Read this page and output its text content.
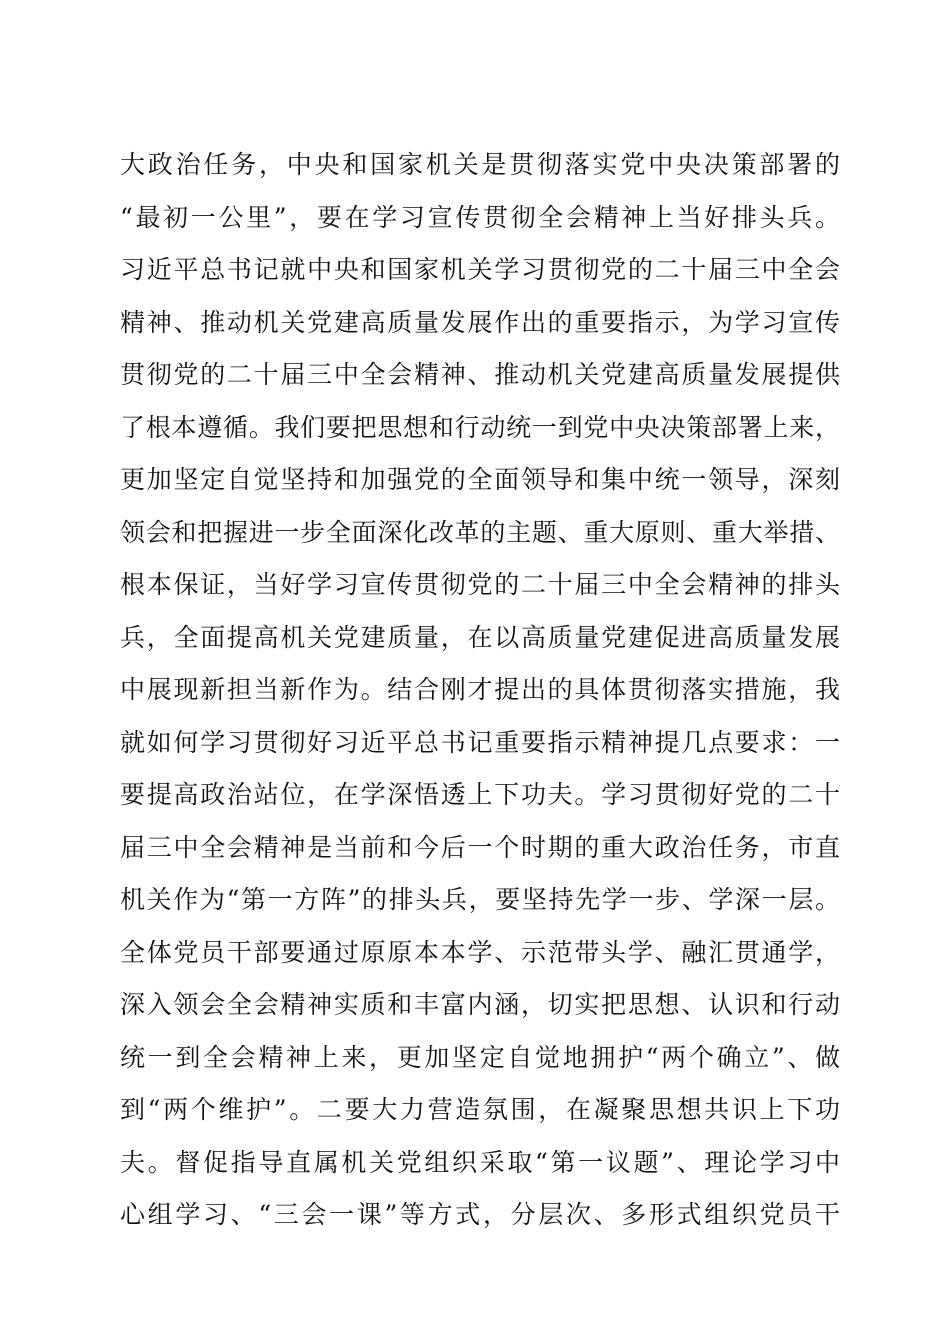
大政治任务，中央和国家机关是贯彻落实党中央决策部署的
“最初一公里”，要在学习宣传贯彻全会精神上当好排头兵。
习近平总书记就中央和国家机关学习贯彻党的二十届三中全会
精神、推动机关党建高质量发展作出的重要指示，为学习宣传
贯彻党的二十届三中全会精神、推动机关党建高质量发展提供
了根本遵循。我们要把思想和行动统一到党中央决策部署上来，
更加坚定自觉坚持和加强党的全面领导和集中统一领导，深刻
领会和把握进一步全面深化改革的主题、重大原则、重大举措、
根本保证，当好学习宣传贯彻党的二十届三中全会精神的排头
兵，全面提高机关党建质量，在以高质量党建促进高质量发展
中展现新担当新作为。结合刚才提出的具体贯彻落实措施，我
就如何学习贯彻好习近平总书记重要指示精神提几点要求：一
要提高政治站位，在学深悟透上下功夫。学习贯彻好党的二十
届三中全会精神是当前和今后一个时期的重大政治任务，市直
机关作为“第一方阵”的排头兵，要坚持先学一步、学深一层。
全体党员干部要通过原原本本学、示范带头学、融汇贯通学，
深入领会全会精神实质和丰富内涵，切实把思想、认识和行动
统一到全会精神上来，更加坚定自觉地拥护“两个确立”、做
到“两个维护”。二要大力营造氛围，在凝聚思想共识上下功
夫。督促指导直属机关党组织采取“第一议题”、理论学习中
心组学习、“三会一课”等方式，分层次、多形式组织党员干
